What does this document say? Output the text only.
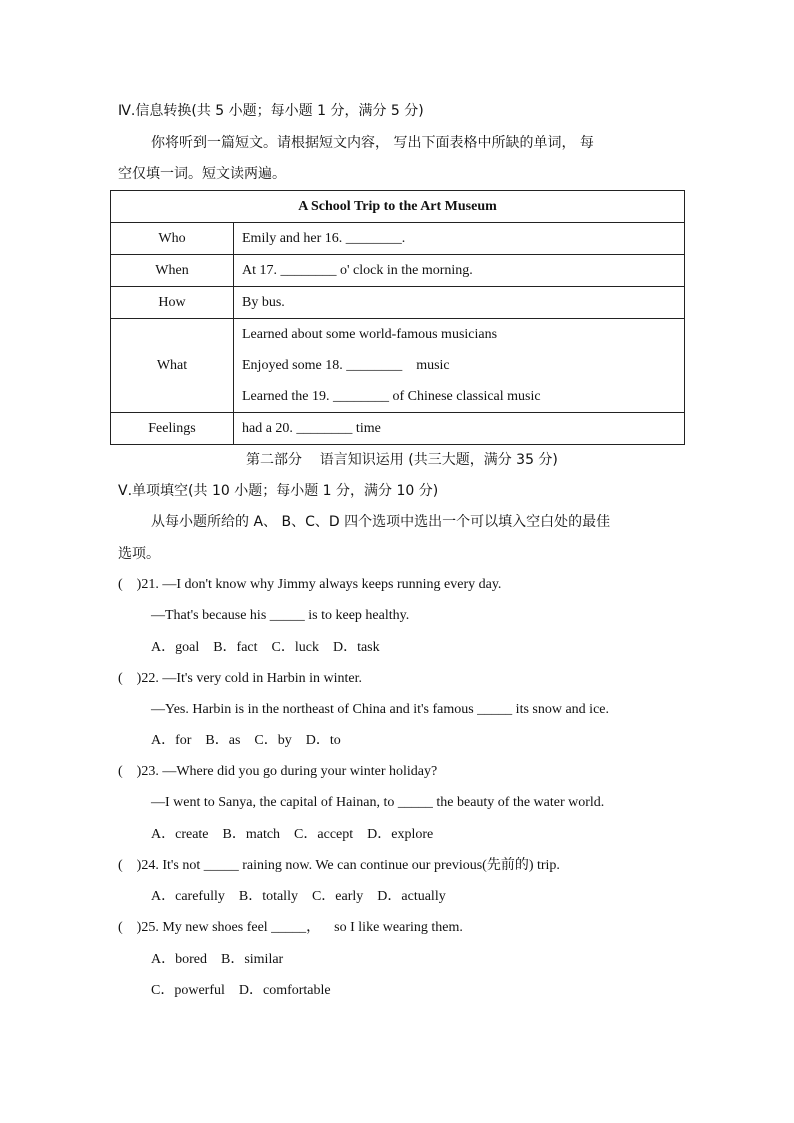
Ⅳ.信息转换(共 5 小题；每小题 1 分，满分 5 分)
你将听到一篇短文。请根据短文内容， 写出下面表格中所缺的单词， 每
空仅填一词。短文读两遍。
A School Trip to the Art Museum	
Who	Emily and her 16. ________.

When	At 17. ________ o' clock in the morning.

How	By bus.

What	Learned about some world-famous musicians
Enjoyed some 18. ________    music
Learned the 19. ________ of Chinese classical music

Feelings	had a 20. ________ time
第二部分    语言知识运用 (共三大题，满分 35 分)
Ⅴ.单项填空(共 10 小题；每小题 1 分，满分 10 分)
从每小题所给的 A、 B、C、D 四个选项中选出一个可以填入空白处的最佳
选项。
(    )21. —I don't know why Jimmy always keeps running every day.
—That's because his _____ is to keep healthy.
A．goal    B．fact    C．luck    D．task
(    )22. —It's very cold in Harbin in winter.
—Yes. Harbin is in the northeast of China and it's famous _____ its snow and ice.
A．for    B．as    C．by    D．to
(    )23. —Where did you go during your winter holiday?
—I went to Sanya, the capital of Hainan, to _____ the beauty of the water world.
A．create    B．match    C．accept    D．explore
(    )24. It's not _____ raining now. We can continue our previous(先前的) trip.
A．carefully    B．totally    C．early    D．actually
(    )25. My new shoes feel _____，    so I like wearing them.
A．bored    B．similar
C．powerful    D．comfortable
